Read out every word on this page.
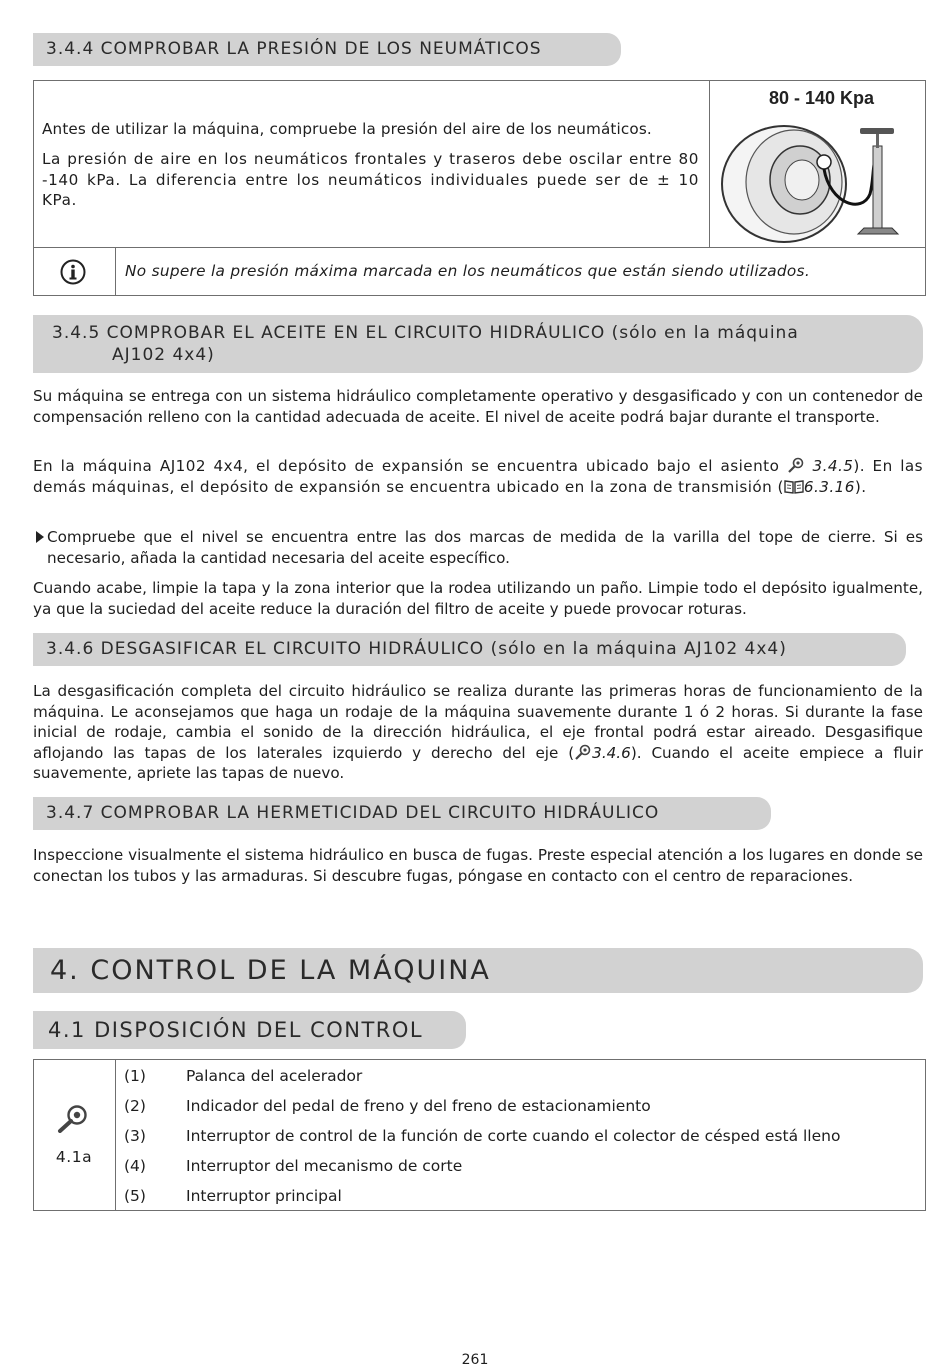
3.4.4 COMPROBAR LA PRESIÓN DE LOS NEUMÁTICOS

Antes de utilizar la máquina, compruebe la presión del aire de los neumáticos.

La presión de aire en los neumáticos frontales y traseros debe oscilar entre 80 -140 kPa. La diferencia entre los neumáticos individuales puede ser de ± 10 KPa.

80 - 140 Kpa
No supere la presión máxima marcada en los neumáticos que están siendo utilizados.
3.4.5 COMPROBAR EL ACEITE EN EL CIRCUITO HIDRÁULICO (sólo en la máquina
AJ102 4x4)

Su máquina se entrega con un sistema hidráulico completamente operativo y desgasificado y con un contenedor de compensación relleno con la cantidad adecuada de aceite. El nivel de aceite podrá bajar durante el transporte.

En la máquina AJ102 4x4, el depósito de expansión se encuentra ubicado bajo el asiento 3.4.5). En las demás máquinas, el depósito de expansión se encuentra ubicado en la zona de transmisión ( 6.3.16).

Compruebe que el nivel se encuentra entre las dos marcas de medida de la varilla del tope de cierre. Si es necesario, añada la cantidad necesaria del aceite específico.

Cuando acabe, limpie la tapa y la zona interior que la rodea utilizando un paño. Limpie todo el depósito igualmente, ya que la suciedad del aceite reduce la duración del filtro de aceite y puede provocar roturas.

3.4.6 DESGASIFICAR EL CIRCUITO HIDRÁULICO (sólo en la máquina AJ102 4x4)

La desgasificación completa del circuito hidráulico se realiza durante las primeras horas de funcionamiento de la máquina. Le aconsejamos que haga un rodaje de la máquina suavemente durante 1 ó 2 horas. Si durante la fase inicial de rodaje, cambia el sonido de la dirección hidráulica, el eje frontal podrá estar aireado. Desgasifique aflojando las tapas de los laterales izquierdo y derecho del eje ( 3.4.6). Cuando el aceite empiece a fluir suavemente, apriete las tapas de nuevo.

3.4.7 COMPROBAR LA HERMETICIDAD DEL CIRCUITO HIDRÁULICO

Inspeccione visualmente el sistema hidráulico en busca de fugas. Preste especial atención a los lugares en donde se conectan los tubos y las armaduras. Si descubre fugas, póngase en contacto con el centro de reparaciones.

4. CONTROL DE LA MÁQUINA
4.1 DISPOSICIÓN DEL CONTROL
4.1a
(1)	Palanca del acelerador
(2)	Indicador del pedal de freno y del freno de estacionamiento
(3)	Interruptor de control de la función de corte cuando el colector de césped está lleno
(4)	Interruptor del mecanismo de corte
(5)	Interruptor principal
261
